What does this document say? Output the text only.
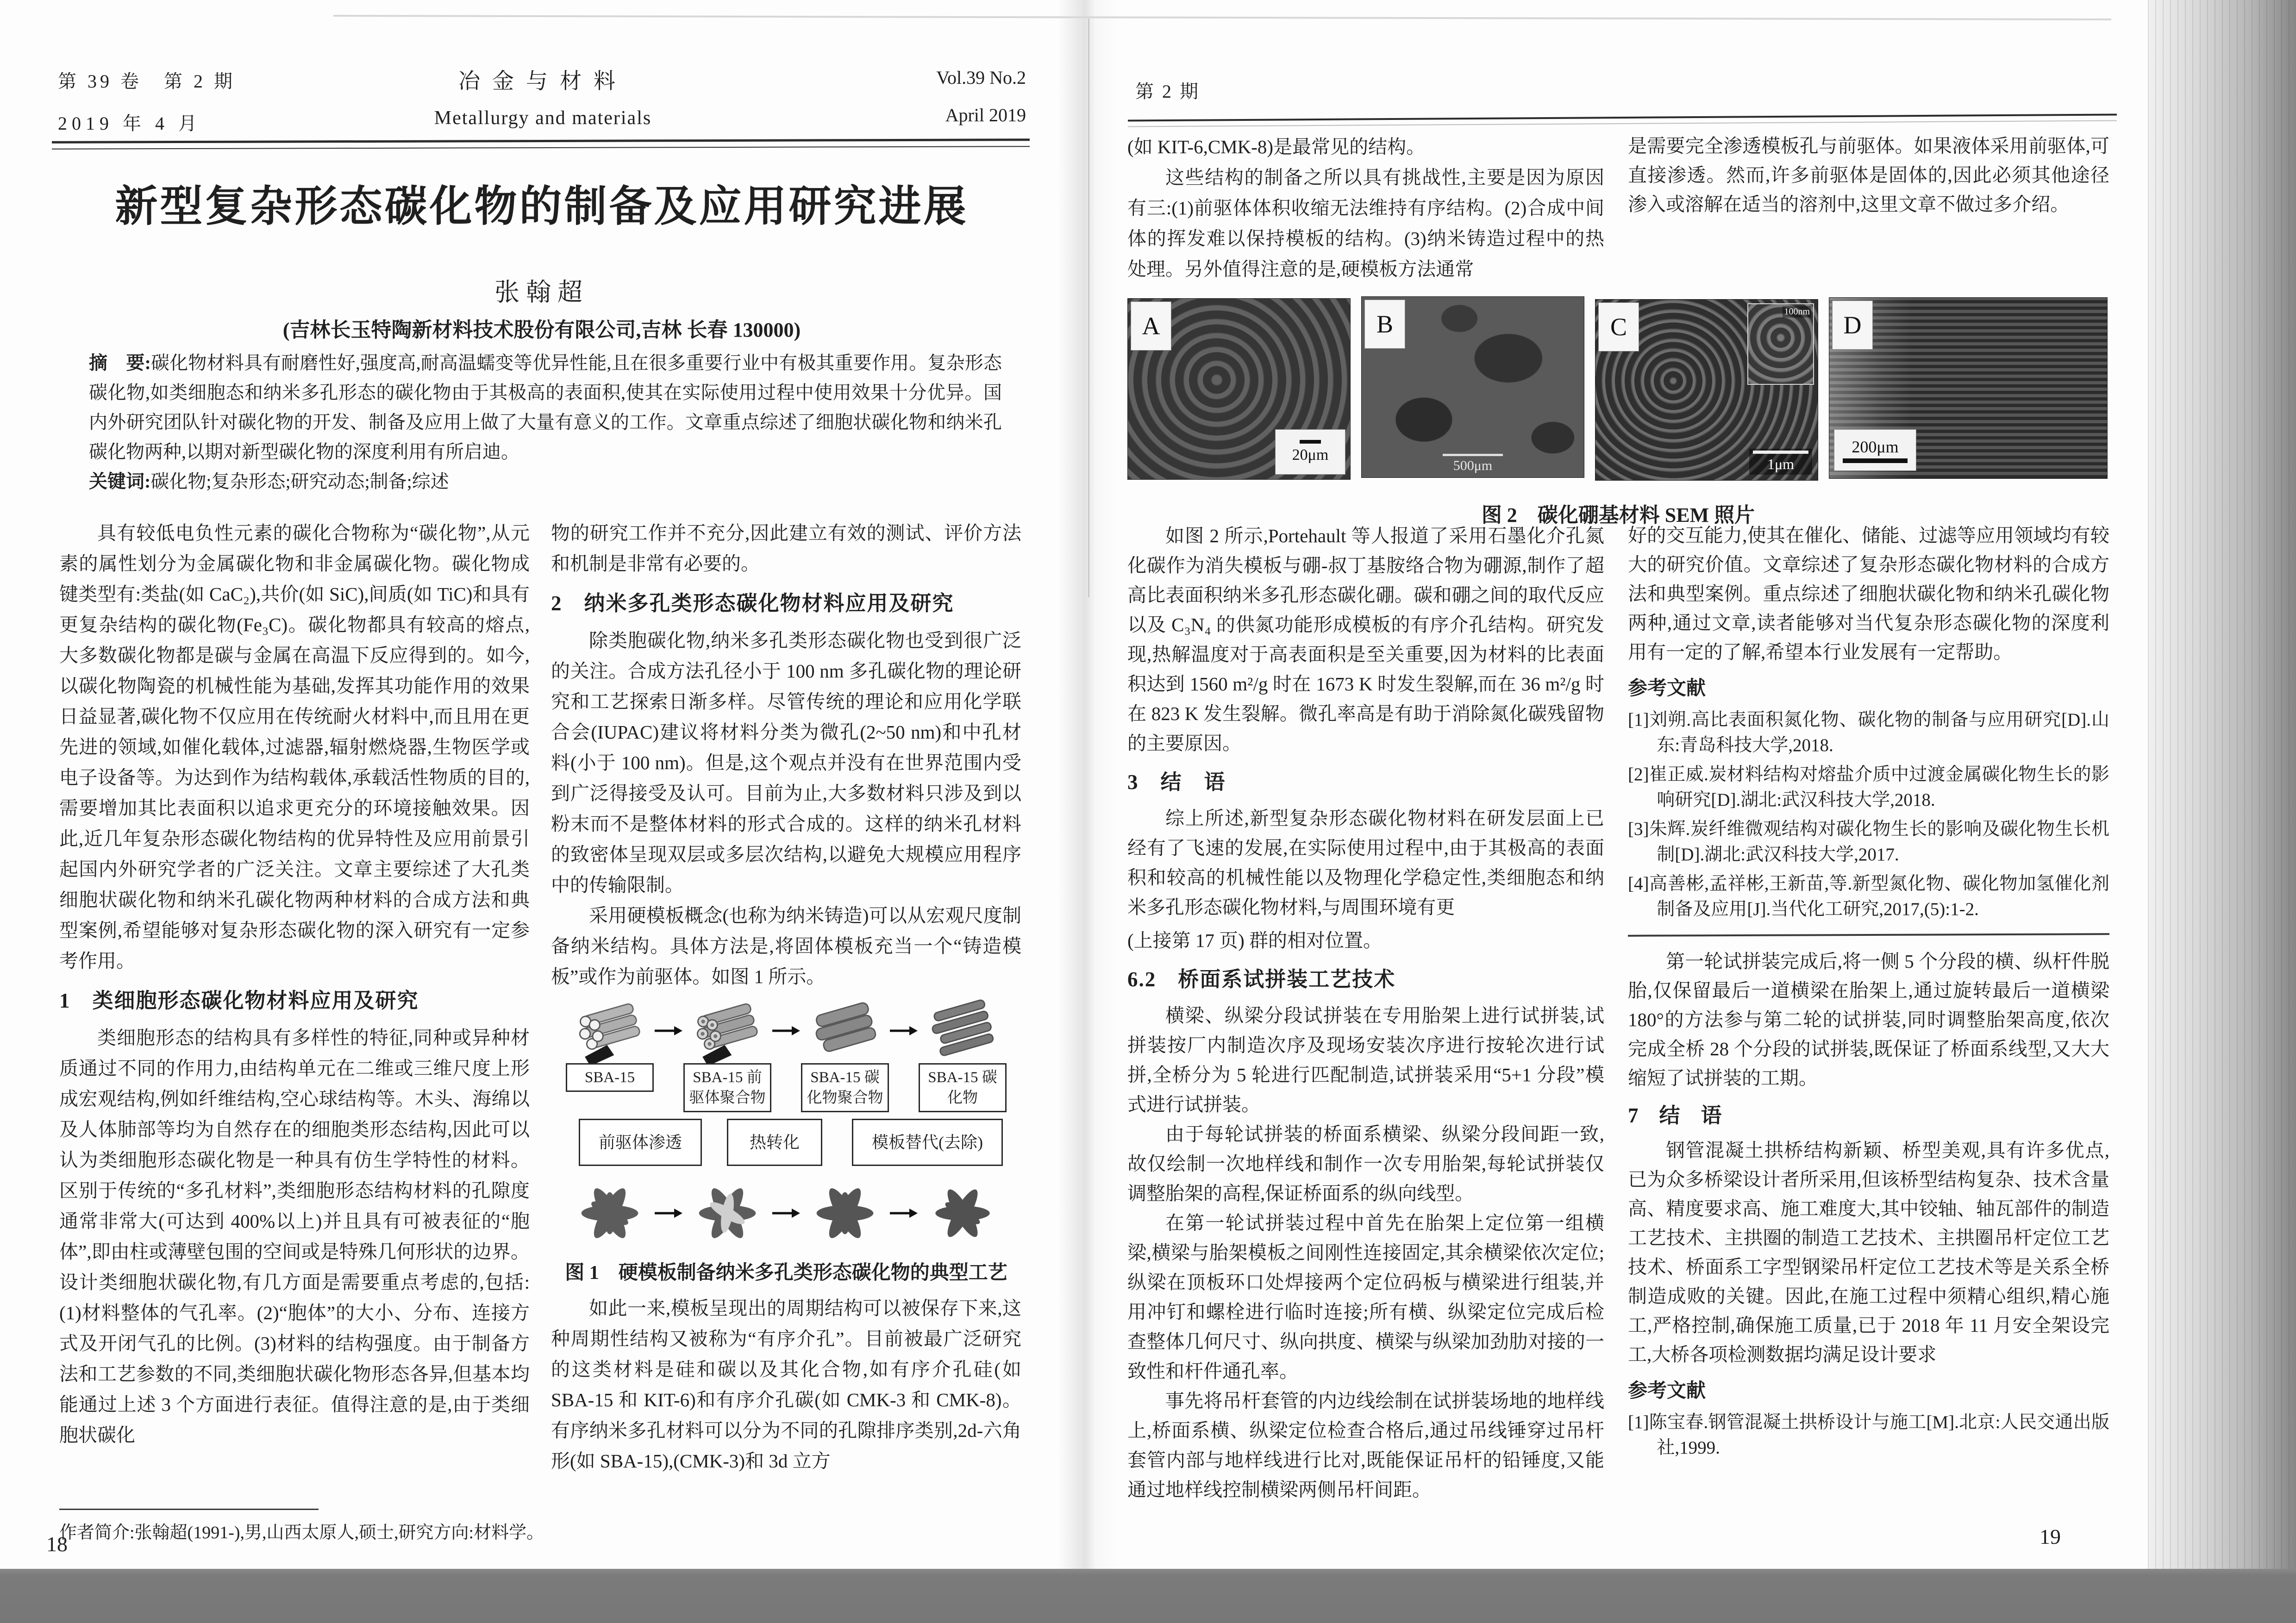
第 39 卷　第 2 期
2019 年 4 月
冶金与材料
Metallurgy and materials
Vol.39 No.2
April 2019
新型复杂形态碳化物的制备及应用研究进展
张翰超
(吉林长玉特陶新材料技术股份有限公司,吉林 长春 130000)

摘　要:碳化物材料具有耐磨性好,强度高,耐高温蠕变等优异性能,且在很多重要行业中有极其重要作用。复杂形态碳化物,如类细胞态和纳米多孔形态的碳化物由于其极高的表面积,使其在实际使用过程中使用效果十分优异。国内外研究团队针对碳化物的开发、制备及应用上做了大量有意义的工作。文章重点综述了细胞状碳化物和纳米孔碳化物两种,以期对新型碳化物的深度利用有所启迪。

关键词:碳化物;复杂形态;研究动态;制备;综述

具有较低电负性元素的碳化合物称为“碳化物”,从元素的属性划分为金属碳化物和非金属碳化物。碳化物成键类型有:类盐(如 CaC₂),共价(如 SiC),间质(如 TiC)和具有更复杂结构的碳化物(Fe₃C)。碳化物都具有较高的熔点,大多数碳化物都是碳与金属在高温下反应得到的。如今,以碳化物陶瓷的机械性能为基础,发挥其功能作用的效果日益显著,碳化物不仅应用在传统耐火材料中,而且用在更先进的领域,如催化载体,过滤器,辐射燃烧器,生物医学或电子设备等。为达到作为结构载体,承载活性物质的目的,需要增加其比表面积以追求更充分的环境接触效果。因此,近几年复杂形态碳化物结构的优异特性及应用前景引起国内外研究学者的广泛关注。文章主要综述了大孔类细胞状碳化物和纳米孔碳化物两种材料的合成方法和典型案例,希望能够对复杂形态碳化物的深入研究有一定参考作用。

1　类细胞形态碳化物材料应用及研究

类细胞形态的结构具有多样性的特征,同种或异种材质通过不同的作用力,由结构单元在二维或三维尺度上形成宏观结构,例如纤维结构,空心球结构等。木头、海绵以及人体肺部等均为自然存在的细胞类形态结构,因此可以认为类细胞形态碳化物是一种具有仿生学特性的材料。区别于传统的“多孔材料”,类细胞形态结构材料的孔隙度通常非常大(可达到 400%以上)并且具有可被表征的“胞体”,即由柱或薄壁包围的空间或是特殊几何形状的边界。设计类细胞状碳化物,有几方面是需要重点考虑的,包括:(1)材料整体的气孔率。(2)“胞体”的大小、分布、连接方式及开闭气孔的比例。(3)材料的结构强度。由于制备方法和工艺参数的不同,类细胞状碳化物形态各异,但基本均能通过上述 3 个方面进行表征。值得注意的是,由于类细胞状碳化

物的研究工作并不充分,因此建立有效的测试、评价方法和机制是非常有必要的。

2　纳米多孔类形态碳化物材料应用及研究

除类胞碳化物,纳米多孔类形态碳化物也受到很广泛的关注。合成方法孔径小于 100 nm 多孔碳化物的理论研究和工艺探索日渐多样。尽管传统的理论和应用化学联合会(IUPAC)建议将材料分类为微孔(2~50 nm)和中孔材料(小于 100 nm)。但是,这个观点并没有在世界范围内受到广泛得接受及认可。目前为止,大多数材料只涉及到以粉末而不是整体材料的形式合成的。这样的纳米孔材料的致密体呈现双层或多层次结构,以避免大规模应用程序中的传输限制。

采用硬模板概念(也称为纳米铸造)可以从宏观尺度制备纳米结构。具体方法是,将固体模板充当一个“铸造模板”或作为前驱体。如图 1 所示。

SBA-15	SBA-15 前驱体聚合物
SBA-15 碳化物聚合物
SBA-15 碳化物
前驱体渗透	热转化	模板替代(去除)
图 1　硬模板制备纳米多孔类形态碳化物的典型工艺

如此一来,模板呈现出的周期结构可以被保存下来,这种周期性结构又被称为“有序介孔”。目前被最广泛研究的这类材料是硅和碳以及其化合物,如有序介孔硅(如 SBA-15 和 KIT-6)和有序介孔碳(如 CMK-3 和 CMK-8)。有序纳米多孔材料可以分为不同的孔隙排序类别,2d-六角形(如 SBA-15),(CMK-3)和 3d 立方

作者简介:张翰超(1991-),男,山西太原人,硕士,研究方向:材料学。
18
第 2 期

(如 KIT-6,CMK-8)是最常见的结构。

这些结构的制备之所以具有挑战性,主要是因为原因有三:(1)前驱体体积收缩无法维持有序结构。(2)合成中间体的挥发难以保持模板的结构。(3)纳米铸造过程中的热处理。另外值得注意的是,硬模板方法通常

是需要完全渗透模板孔与前驱体。如果液体采用前驱体,可直接渗透。然而,许多前驱体是固体的,因此必须其他途径渗入或溶解在适当的溶剂中,这里文章不做过多介绍。

A
20μm
B
500μm
C
100nm
1μm
D
200μm
图 2　碳化硼基材料 SEM 照片

如图 2 所示,Portehault 等人报道了采用石墨化介孔氮化碳作为消失模板与硼-叔丁基胺络合物为硼源,制作了超高比表面积纳米多孔形态碳化硼。碳和硼之间的取代反应以及 C₃N₄ 的供氮功能形成模板的有序介孔结构。研究发现,热解温度对于高表面积是至关重要,因为材料的比表面积达到 1560 m²/g 时在 1673 K 时发生裂解,而在 36 m²/g 时在 823 K 发生裂解。微孔率高是有助于消除氮化碳残留物的主要原因。

3　结　语

综上所述,新型复杂形态碳化物材料在研发层面上已经有了飞速的发展,在实际使用过程中,由于其极高的表面积和较高的机械性能以及物理化学稳定性,类细胞态和纳米多孔形态碳化物材料,与周围环境有更

(上接第 17 页) 群的相对位置。

6.2　桥面系试拼装工艺技术

横梁、纵梁分段试拼装在专用胎架上进行试拼装,试拼装按厂内制造次序及现场安装次序进行按轮次进行试拼,全桥分为 5 轮进行匹配制造,试拼装采用“5+1 分段”模式进行试拼装。

由于每轮试拼装的桥面系横梁、纵梁分段间距一致,故仅绘制一次地样线和制作一次专用胎架,每轮试拼装仅调整胎架的高程,保证桥面系的纵向线型。

在第一轮试拼装过程中首先在胎架上定位第一组横梁,横梁与胎架模板之间刚性连接固定,其余横梁依次定位;纵梁在顶板环口处焊接两个定位码板与横梁进行组装,并用冲钉和螺栓进行临时连接;所有横、纵梁定位完成后检查整体几何尺寸、纵向拱度、横梁与纵梁加劲肋对接的一致性和杆件通孔率。

事先将吊杆套管的内边线绘制在试拼装场地的地样线上,桥面系横、纵梁定位检查合格后,通过吊线锤穿过吊杆套管内部与地样线进行比对,既能保证吊杆的铅锤度,又能通过地样线控制横梁两侧吊杆间距。

好的交互能力,使其在催化、储能、过滤等应用领域均有较大的研究价值。文章综述了复杂形态碳化物材料的合成方法和典型案例。重点综述了细胞状碳化物和纳米孔碳化物两种,通过文章,读者能够对当代复杂形态碳化物的深度利用有一定的了解,希望本行业发展有一定帮助。

参考文献

[1]刘朔.高比表面积氮化物、碳化物的制备与应用研究[D].山东:青岛科技大学,2018.

[2]崔正威.炭材料结构对熔盐介质中过渡金属碳化物生长的影响研究[D].湖北:武汉科技大学,2018.

[3]朱辉.炭纤维微观结构对碳化物生长的影响及碳化物生长机制[D].湖北:武汉科技大学,2017.

[4]高善彬,孟祥彬,王新苗,等.新型氮化物、碳化物加氢催化剂制备及应用[J].当代化工研究,2017,(5):1-2.

第一轮试拼装完成后,将一侧 5 个分段的横、纵杆件脱胎,仅保留最后一道横梁在胎架上,通过旋转最后一道横梁 180°的方法参与第二轮的试拼装,同时调整胎架高度,依次完成全桥 28 个分段的试拼装,既保证了桥面系线型,又大大缩短了试拼装的工期。

7　结　语

钢管混凝土拱桥结构新颖、桥型美观,具有许多优点,已为众多桥梁设计者所采用,但该桥型结构复杂、技术含量高、精度要求高、施工难度大,其中铰轴、轴瓦部件的制造工艺技术、主拱圈的制造工艺技术、主拱圈吊杆定位工艺技术、桥面系工字型钢梁吊杆定位工艺技术等是关系全桥制造成败的关键。因此,在施工过程中须精心组织,精心施工,严格控制,确保施工质量,已于 2018 年 11 月安全架设完工,大桥各项检测数据均满足设计要求

参考文献

[1]陈宝春.钢管混凝土拱桥设计与施工[M].北京:人民交通出版社,1999.

19
